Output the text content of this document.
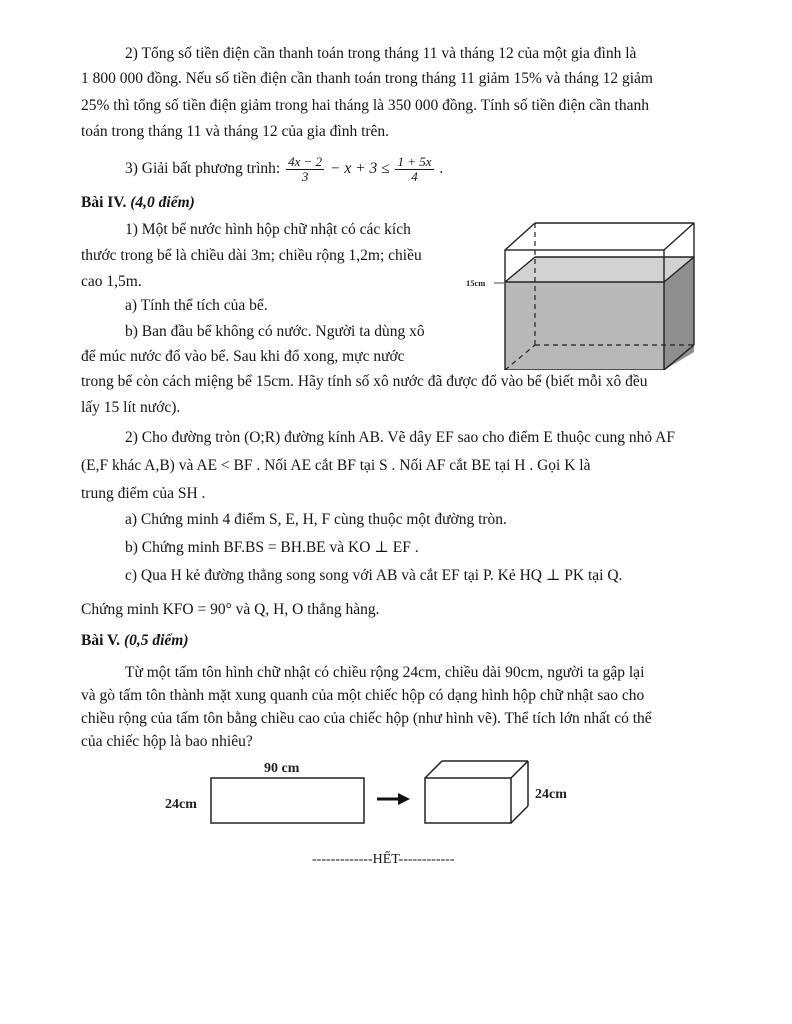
2) Tổng số tiền điện cần thanh toán trong tháng 11 và tháng 12 của một gia đình là
1 800 000 đồng. Nếu số tiền điện cần thanh toán trong tháng 11 giảm 15% và tháng 12 giảm
25% thì tổng số tiền điện giảm trong hai tháng là 350 000 đồng. Tính số tiền điện cần thanh
toán trong tháng 11 và tháng 12 của gia đình trên.
3) Giải bất phương trình: $\frac{4x - 2}{3} - x + 3 \le \frac{1 + 5x}{4}$ .
Bài IV. (4,0 điểm)
1) Một bể nước hình hộp chữ nhật có các kích
thước trong bể là chiều dài 3m; chiều rộng 1,2m; chiều
cao 1,5m.
a) Tính thể tích của bể.
b) Ban đầu bể không có nước. Người ta dùng xô
để múc nước đổ vào bể. Sau khi đổ xong, mực nước
trong bể còn cách miệng bể 15cm. Hãy tính số xô nước đã được đổ vào bể (biết mỗi xô đều
lấy 15 lít nước).
15cm
2) Cho đường tròn (O;R) đường kính AB. Vẽ dây EF sao cho điểm E thuộc cung nhỏ AF
(E,F khác A,B) và AE < BF . Nối AE cắt BF tại S . Nối AF cắt BE tại H . Gọi K là
trung điểm của SH .
a) Chứng minh 4 điểm S, E, H, F cùng thuộc một đường tròn.
b) Chứng minh BF.BS = BH.BE và KO ⊥ EF .
c) Qua H kẻ đường thẳng song song với AB và cắt EF tại P. Kẻ HQ ⊥ PK tại Q.
Chứng minh KFO = 90° và Q, H, O thẳng hàng.
Bài V. (0,5 điểm)
Từ một tấm tôn hình chữ nhật có chiều rộng 24cm, chiều dài 90cm, người ta gập lại
và gò tấm tôn thành mặt xung quanh của một chiếc hộp có dạng hình hộp chữ nhật sao cho
chiều rộng của tấm tôn bằng chiều cao của chiếc hộp (như hình vẽ). Thể tích lớn nhất có thể
của chiếc hộp là bao nhiêu?
90 cm
24cm
24cm
-------------HẾT------------
